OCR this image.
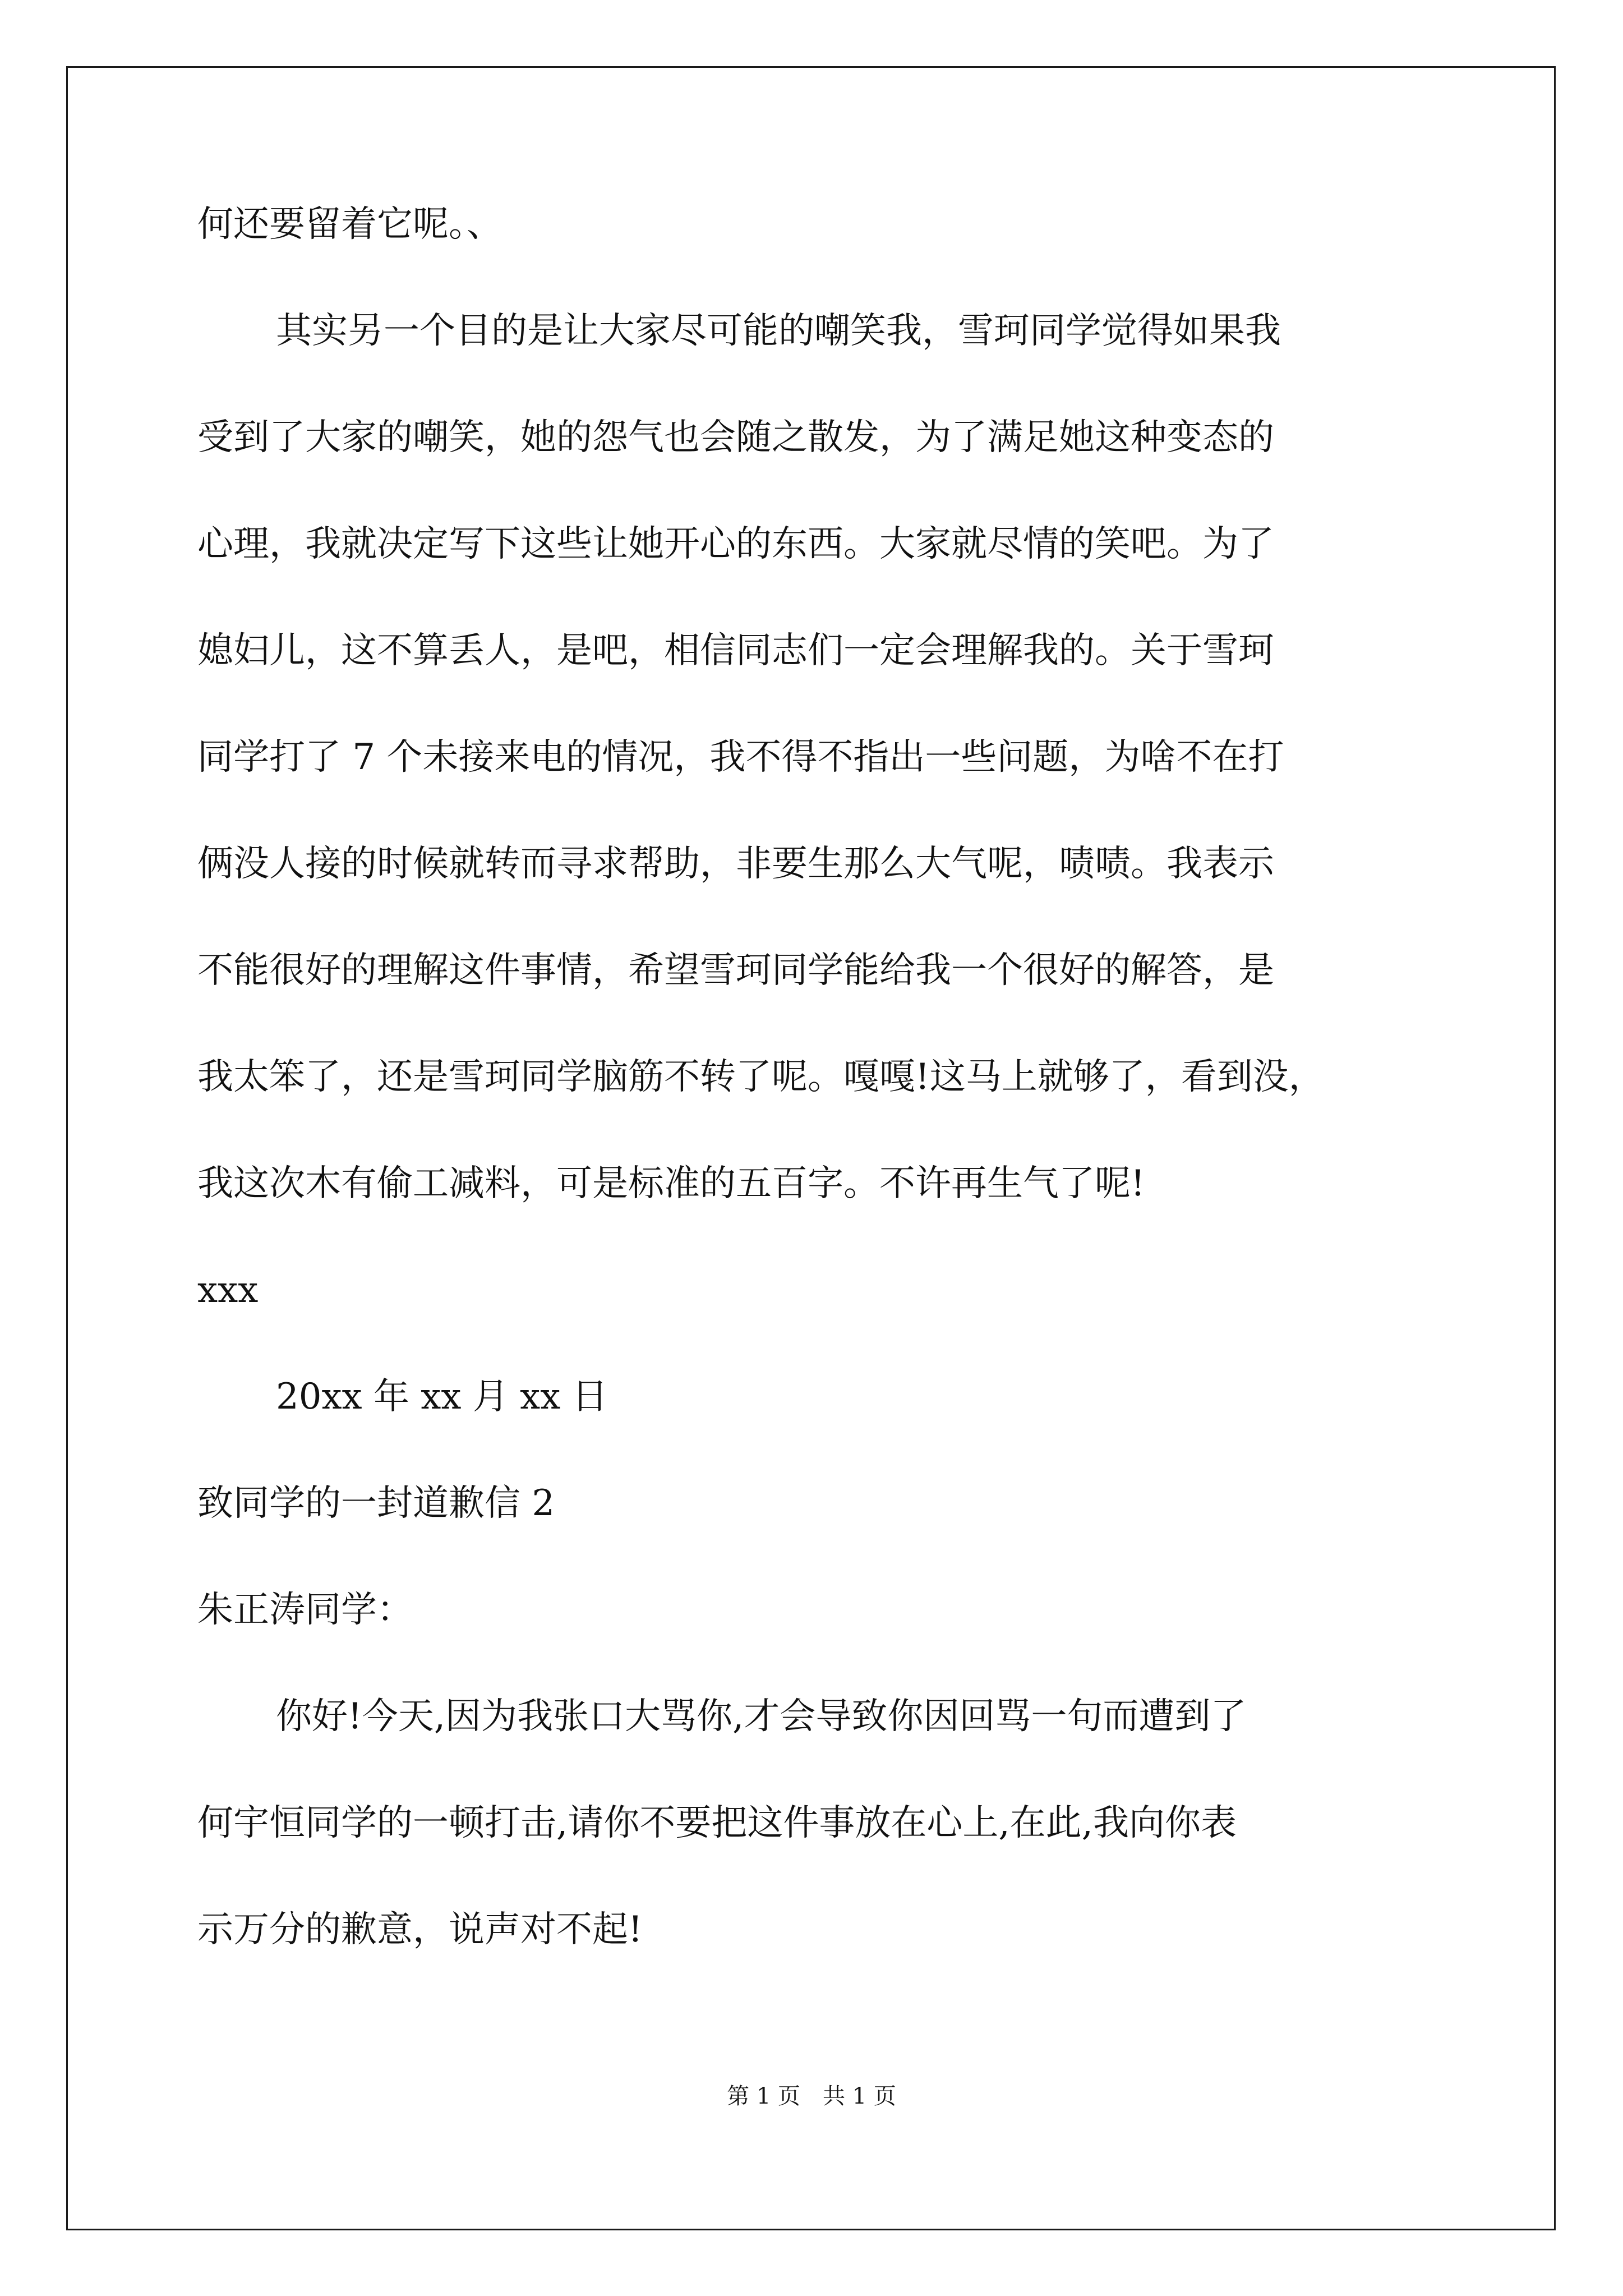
何还要留着它呢。、
其实另一个目的是让大家尽可能的嘲笑我，雪珂同学觉得如果我
受到了大家的嘲笑，她的怨气也会随之散发，为了满足她这种变态的
心理，我就决定写下这些让她开心的东西。大家就尽情的笑吧。为了
媳妇儿，这不算丢人，是吧，相信同志们一定会理解我的。关于雪珂
同学打了 7 个未接来电的情况，我不得不指出一些问题，为啥不在打
俩没人接的时候就转而寻求帮助，非要生那么大气呢，啧啧。我表示
不能很好的理解这件事情，希望雪珂同学能给我一个很好的解答，是
我太笨了，还是雪珂同学脑筋不转了呢。嘎嘎!这马上就够了，看到没，
我这次木有偷工减料，可是标准的五百字。不许再生气了呢!
xxx
20xx 年 xx 月 xx 日
致同学的一封道歉信 2
朱正涛同学：
你好!今天,因为我张口大骂你,才会导致你因回骂一句而遭到了
何宇恒同学的一顿打击,请你不要把这件事放在心上,在此,我向你表
示万分的歉意，说声对不起!
第 1 页　共 1 页
